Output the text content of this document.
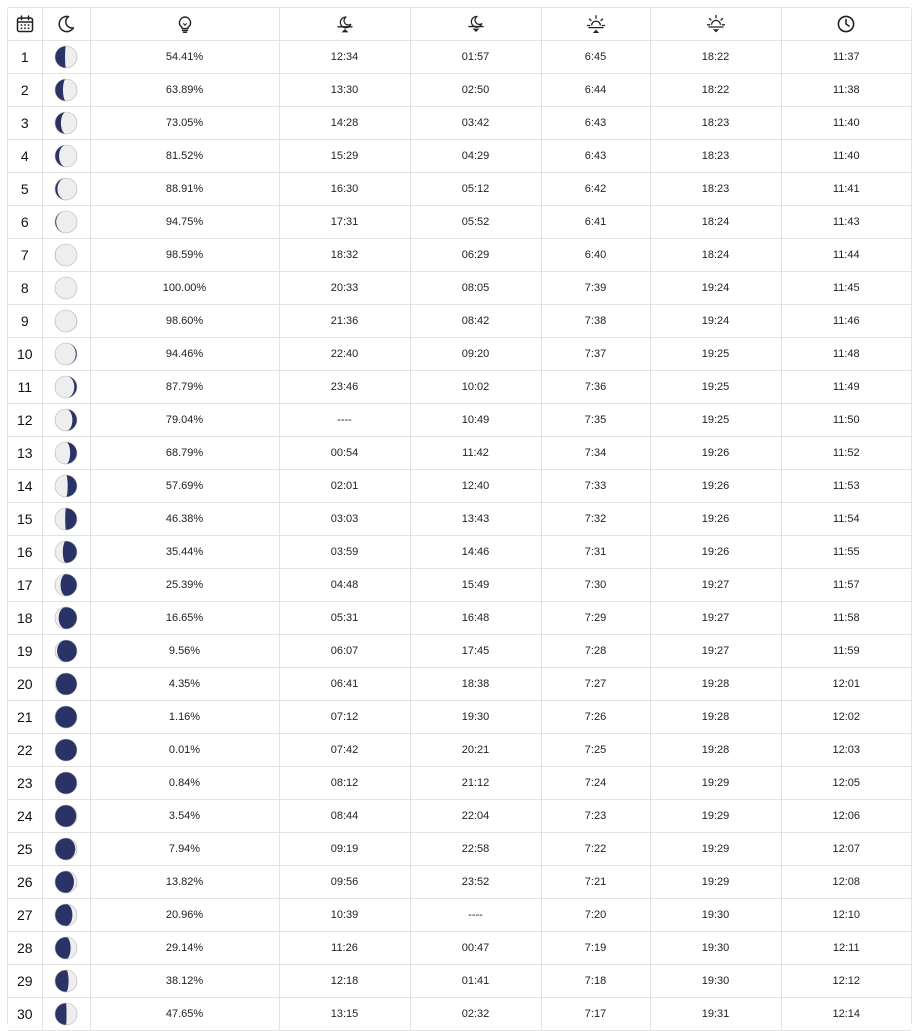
1		54.41%	12:34	01:57	6:45	18:22	11:37
2		63.89%	13:30	02:50	6:44	18:22	11:38
3		73.05%	14:28	03:42	6:43	18:23	11:40
4		81.52%	15:29	04:29	6:43	18:23	11:40
5		88.91%	16:30	05:12	6:42	18:23	11:41
6		94.75%	17:31	05:52	6:41	18:24	11:43
7		98.59%	18:32	06:29	6:40	18:24	11:44
8		100.00%	20:33	08:05	7:39	19:24	11:45
9		98.60%	21:36	08:42	7:38	19:24	11:46
10		94.46%	22:40	09:20	7:37	19:25	11:48
11		87.79%	23:46	10:02	7:36	19:25	11:49
12		79.04%	----	10:49	7:35	19:25	11:50
13		68.79%	00:54	11:42	7:34	19:26	11:52
14		57.69%	02:01	12:40	7:33	19:26	11:53
15		46.38%	03:03	13:43	7:32	19:26	11:54
16		35.44%	03:59	14:46	7:31	19:26	11:55
17		25.39%	04:48	15:49	7:30	19:27	11:57
18		16.65%	05:31	16:48	7:29	19:27	11:58
19		9.56%	06:07	17:45	7:28	19:27	11:59
20		4.35%	06:41	18:38	7:27	19:28	12:01
21		1.16%	07:12	19:30	7:26	19:28	12:02
22		0.01%	07:42	20:21	7:25	19:28	12:03
23		0.84%	08:12	21:12	7:24	19:29	12:05
24		3.54%	08:44	22:04	7:23	19:29	12:06
25		7.94%	09:19	22:58	7:22	19:29	12:07
26		13.82%	09:56	23:52	7:21	19:29	12:08
27		20.96%	10:39	----	7:20	19:30	12:10
28		29.14%	11:26	00:47	7:19	19:30	12:11
29		38.12%	12:18	01:41	7:18	19:30	12:12
30		47.65%	13:15	02:32	7:17	19:31	12:14
